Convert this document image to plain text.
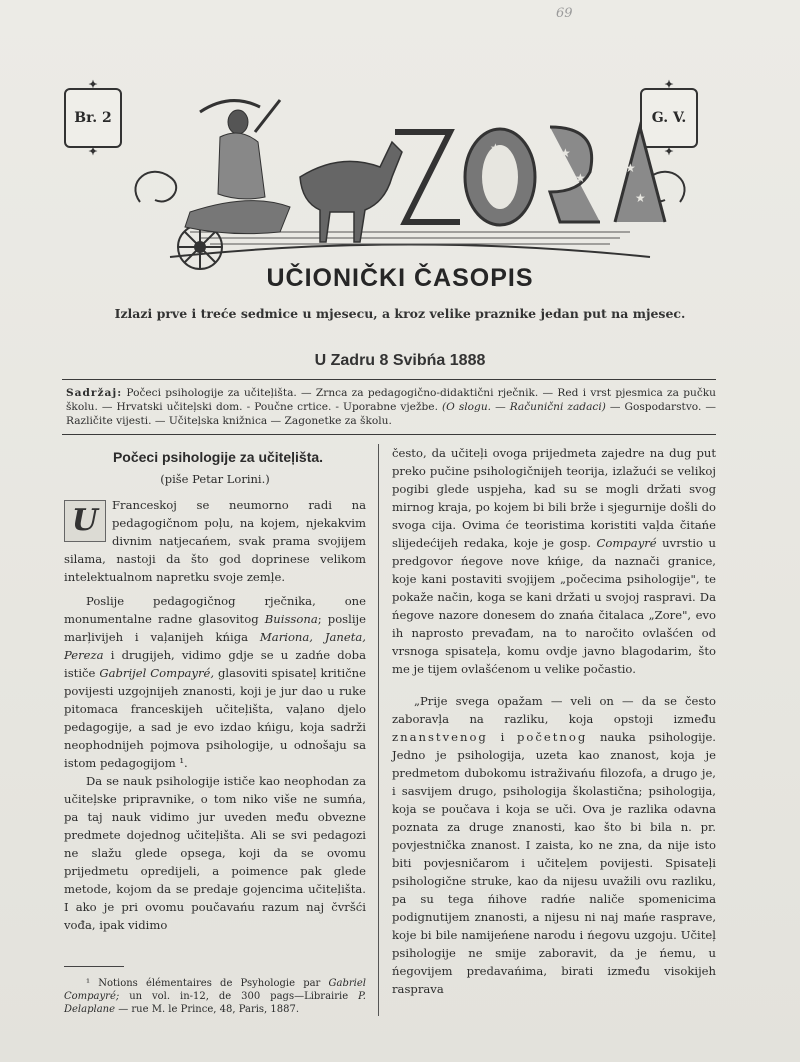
69
✦ Br. 2 ✦
✦	G. V. ✦
★
★
★
★
★
UČIONIČKI ČASOPIS
Izlazi prve i treće sedmice u mjesecu, a kroz velike praznike jedan put na mjesec.
U Zadru 8 Svibńa 1888
Sadržaj: Počeci psihologije za učiteļišta. — Zrnca za pedagogično-didaktični rječnik. — Red i vrst pjesmica za pučku školu. — Hrvatski učiteļski dom. - Poučne crtice. - Uporabne vježbe. (O slogu. — Računični zadaci) — Gospodarstvo. — Različite vijesti. — Učiteļska knižnica — Zagonetke za školu.
Počeci psihologije za učiteļišta.
(piše Petar Lorini.)

U	Franceskoj se neumorno radi na pedagogičnom poļu, na kojem, njekakvim divnim natjecańem, svak prama svojijem silama, nastoji da što god doprinese velikom intelektualnom napretku svoje zemļe.

Poslije pedagogičnog rječnika, one monumentalne radne glasovitog Buissona; poslije marļivijeh i vaļanijeh kńiga Mariona, Janeta, Pereza i drugijeh, vidimo gdje se u zadńe doba ističe Gabrijel Compayré, glasoviti spisateļ kritične povijesti uzgojnijeh znanosti, koji je jur dao u ruke pitomaca franceskijeh učiteļišta, vaļano djelo pedagogije, a sad je evo izdao kńigu, koja sadrži neophodnijeh pojmova psihologije, u odnošaju sa istom pedagogijom ¹.

Da se nauk psihologije ističe kao neophodan za učiteļske pripravnike, o tom niko više ne sumńa, pa taj nauk vidimo jur uveden među obvezne predmete dojednog učiteļišta. Ali se svi pedagozi ne slažu glede opsega, koji da se ovomu prijedmetu opredijeli, a poimence pak glede metode, kojom da se predaje gojencima učiteļišta. I ako je pri ovomu poučavańu razum naj čvršći vođa, ipak vidimo

¹ Notions élémentaires de Psyhologie par Gabriel Compayré; un vol. in-12, de 300 pags—Librairie P. Delaplane — rue M. le Prince, 48, Paris, 1887.

često, da učiteļi ovoga prijedmeta zajedre na dug put preko pučine psihologičnijeh teorija, izlažući se velikoj pogibi glede uspjeha, kad su se mogli držati svog mirnog kraja, po kojem bi bili brže i sjegurnije došli do svoga cija. Ovima će teoristima koristiti vaļda čitańe slijedećijeh redaka, koje je gosp. Compayré uvrstio u predgovor ńegove nove kńige, da naznači granice, koje kani postaviti svojijem „počecima psihologije", te pokaže način, koga se kani držati u svojoj raspravi. Da ńegove nazore donesem do znańa čitalaca „Zore", evo ih naprosto prevađam, na to naročito ovlašćen od vrsnoga spisateļa, komu ovdje javno blagodarim, što me je tijem ovlašćenom u velike počastio.

„Prije svega opažam — veli on — da se često zaboravļa na razliku, koja opstoji između znanstvenog i početnog nauka psihologije. Jedno je psihologija, uzeta kao znanost, koja je predmetom dubokomu istraživańu filozofa, a drugo je, i sasvijem drugo, psihologija školastična; psihologija, koja se poučava i koja se uči. Ova je razlika odavna poznata za druge znanosti, kao što bi bila n. pr. povjestnička znanost. I zaista, ko ne zna, da nije isto biti povjesničarom i učiteļem povijesti. Spisateļi psihologične struke, kao da nijesu uvažili ovu razliku, pa su tega ńihove radńe naliče spomenicima podignutijem znanosti, a nijesu ni naj mańe rasprave, koje bi bile namijeńene narodu i ńegovu uzgoju. Učiteļ psihologije ne smije zaboravit, da je ńemu, u ńegovijem predavańima, birati između visokijeh rasprava
